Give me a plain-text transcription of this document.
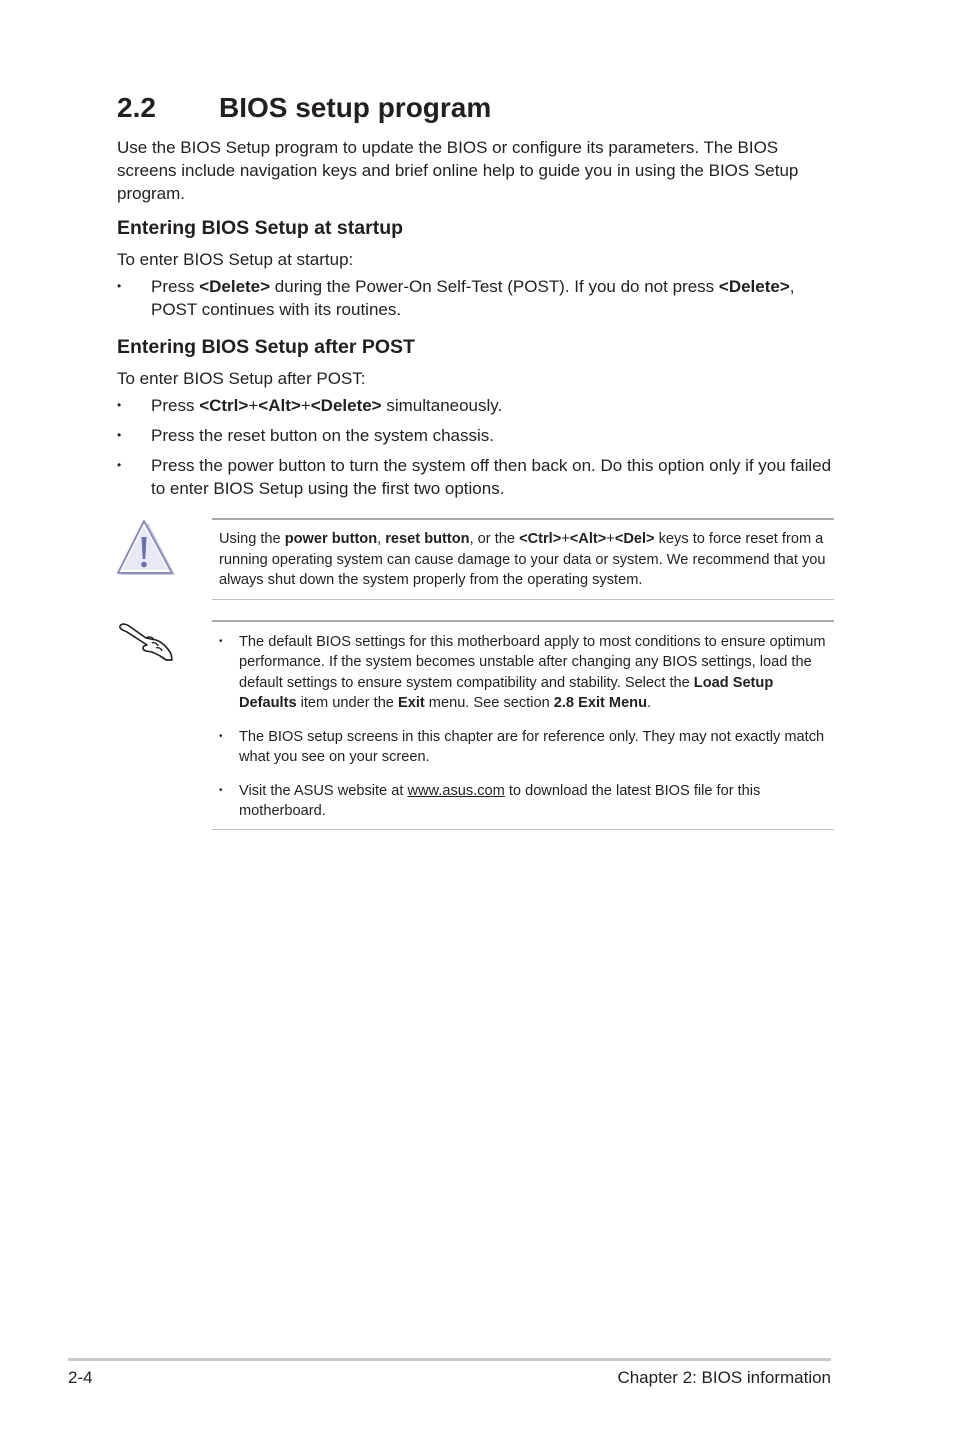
2.2 BIOS setup program
Use the BIOS Setup program to update the BIOS or configure its parameters. The BIOS screens include navigation keys and brief online help to guide you in using the BIOS Setup program.
Entering BIOS Setup at startup
To enter BIOS Setup at startup:
• Press <Delete> during the Power-On Self-Test (POST). If you do not press <Delete>, POST continues with its routines.
Entering BIOS Setup after POST
To enter BIOS Setup after POST:
• Press <Ctrl>+<Alt>+<Delete> simultaneously.
• Press the reset button on the system chassis.
• Press the power button to turn the system off then back on. Do this option only if you failed to enter BIOS Setup using the first two options.
Using the power button, reset button, or the <Ctrl>+<Alt>+<Del> keys to force reset from a running operating system can cause damage to your data or system. We recommend that you always shut down the system properly from the operating system.
• The default BIOS settings for this motherboard apply to most conditions to ensure optimum performance. If the system becomes unstable after changing any BIOS settings, load the default settings to ensure system compatibility and stability. Select the Load Setup Defaults item under the Exit menu. See section 2.8 Exit Menu.
• The BIOS setup screens in this chapter are for reference only. They may not exactly match what you see on your screen.
• Visit the ASUS website at www.asus.com to download the latest BIOS file for this motherboard.
2-4	Chapter 2: BIOS information
